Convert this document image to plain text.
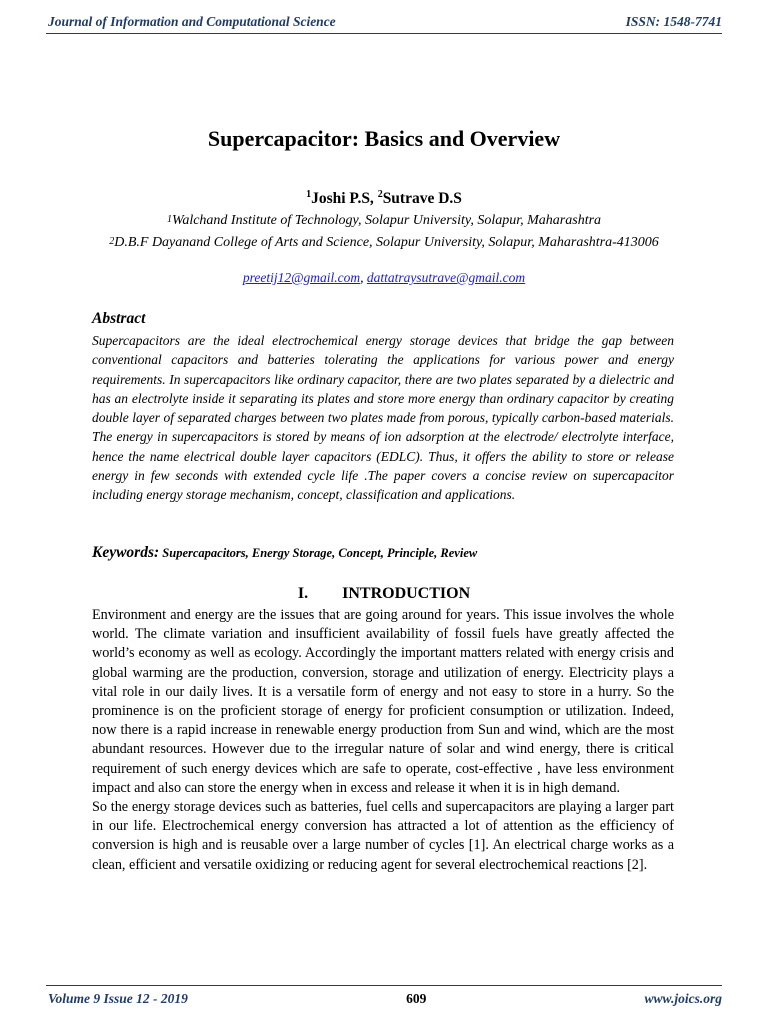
Journal of Information and Computational Science	ISSN: 1548-7741
Supercapacitor: Basics and Overview
$^1$Joshi P.S, $^2$Sutrave D.S
$^1$Walchand Institute of Technology, Solapur University, Solapur, Maharashtra
$^2$D.B.F Dayanand College of Arts and Science, Solapur University, Solapur, Maharashtra-413006
preetij12@gmail.com, dattatraysutrave@gmail.com
Abstract

Supercapacitors are the ideal electrochemical energy storage devices that bridge the gap between conventional capacitors and batteries tolerating the applications for various power and energy requirements. In supercapacitors like ordinary capacitor, there are two plates separated by a dielectric and has an electrolyte inside it separating its plates and store more energy than ordinary capacitor by creating double layer of separated charges between two plates made from porous, typically carbon-based materials. The energy in supercapacitors is stored by means of ion adsorption at the electrode/ electrolyte interface, hence the name electrical double layer capacitors (EDLC). Thus, it offers the ability to store or release energy in few seconds with extended cycle life .The paper covers a concise review on supercapacitor including energy storage mechanism, concept, classification and applications.

Keywords: Supercapacitors, Energy Storage, Concept, Principle, Review
I. INTRODUCTION

Environment and energy are the issues that are going around for years. This issue involves the whole world. The climate variation and insufficient availability of fossil fuels have greatly affected the world’s economy as well as ecology. Accordingly the important matters related with energy crisis and global warming are the production, conversion, storage and utilization of energy. Electricity plays a vital role in our daily lives. It is a versatile form of energy and not easy to store in a hurry. So the prominence is on the proficient storage of energy for proficient consumption or utilization. Indeed, now there is a rapid increase in renewable energy production from Sun and wind, which are the most abundant resources. However due to the irregular nature of solar and wind energy, there is critical requirement of such energy devices which are safe to operate, cost-effective , have less environment impact and also can store the energy when in excess and release it when it is in high demand.

So the energy storage devices such as batteries, fuel cells and supercapacitors are playing a larger part in our life. Electrochemical energy conversion has attracted a lot of attention as the efficiency of conversion is high and is reusable over a large number of cycles [1]. An electrical charge works as a clean, efficient and versatile oxidizing or reducing agent for several electrochemical reactions [2].

Volume 9 Issue 12 - 2019	609	www.joics.org
